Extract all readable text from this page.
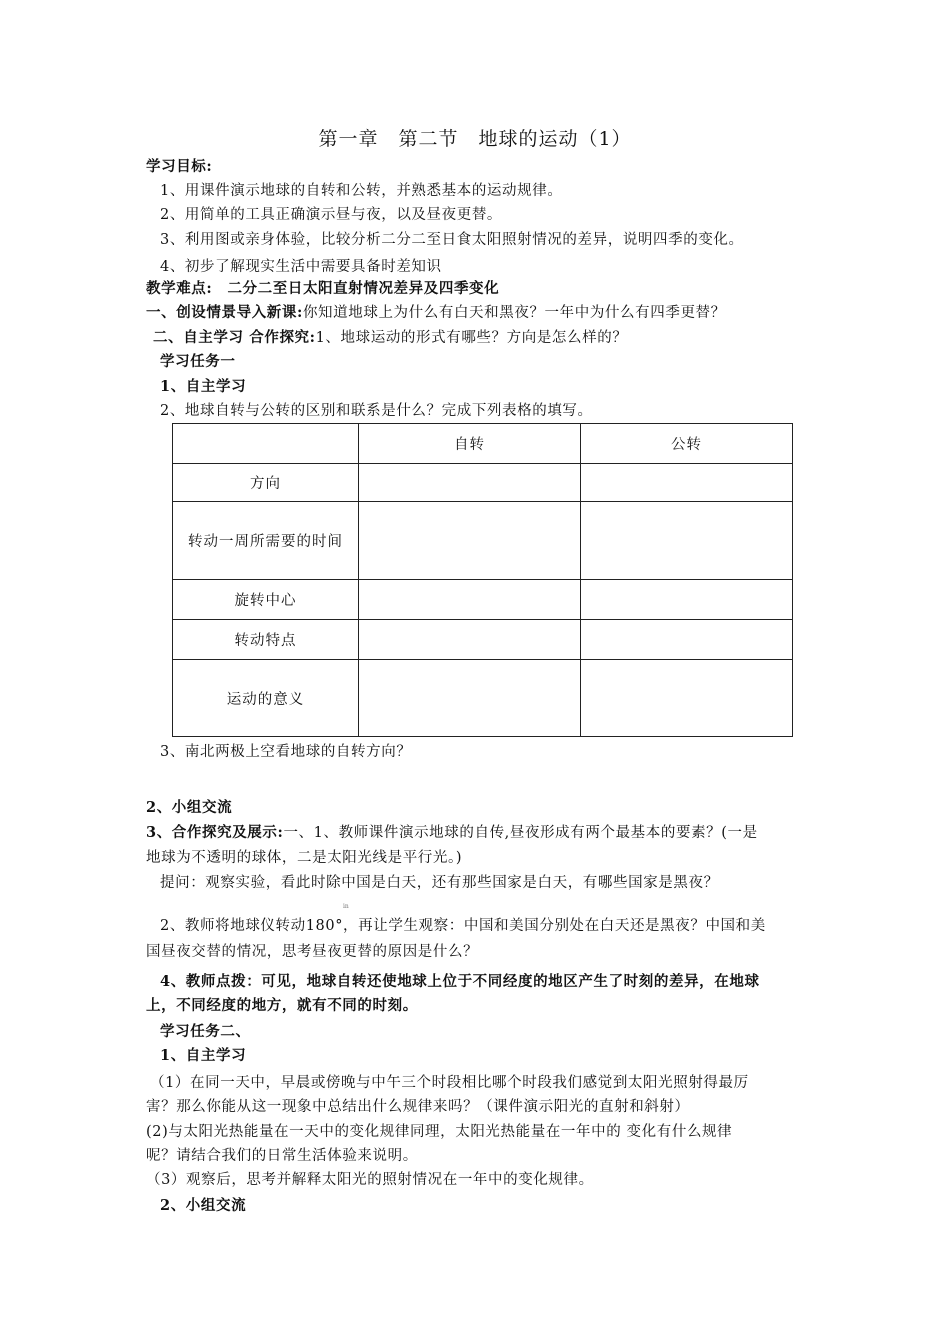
第一章　第二节　地球的运动（1）
学习目标:
1、用课件演示地球的自转和公转，并熟悉基本的运动规律。
2、用简单的工具正确演示昼与夜，以及昼夜更替。
3、利用图或亲身体验，比较分析二分二至日食太阳照射情况的差异，说明四季的变化。
4、初步了解现实生活中需要具备时差知识
教学难点:　二分二至日太阳直射情况差异及四季变化
一、创设情景导入新课:你知道地球上为什么有白天和黑夜？一年中为什么有四季更替？
二、自主学习 合作探究:1、地球运动的形式有哪些？方向是怎么样的？
学习任务一
1、自主学习
2、地球自转与公转的区别和联系是什么？完成下列表格的填写。
	自转	公转
方向		
转动一周所需要的时间		
旋转中心		
转动特点		
运动的意义		
3、南北两极上空看地球的自转方向？
2、小组交流
3、合作探究及展示:一、1、教师课件演示地球的自传,昼夜形成有两个最基本的要素？(一是
地球为不透明的球体，二是太阳光线是平行光。)
提问：观察实验，看此时除中国是白天，还有那些国家是白天，有哪些国家是黑夜？
in
2、教师将地球仪转动180°，再让学生观察：中国和美国分别处在白天还是黑夜？中国和美
国昼夜交替的情况，思考昼夜更替的原因是什么？
4、教师点拨：可见，地球自转还使地球上位于不同经度的地区产生了时刻的差异，在地球
上，不同经度的地方，就有不同的时刻。
学习任务二、
1、自主学习
（1）在同一天中，早晨或傍晚与中午三个时段相比哪个时段我们感觉到太阳光照射得最厉
害？那么你能从这一现象中总结出什么规律来吗？（课件演示阳光的直射和斜射）
(2)与太阳光热能量在一天中的变化规律同理，太阳光热能量在一年中的 变化有什么规律
呢？请结合我们的日常生活体验来说明。
（3）观察后，思考并解释太阳光的照射情况在一年中的变化规律。
2、小组交流
